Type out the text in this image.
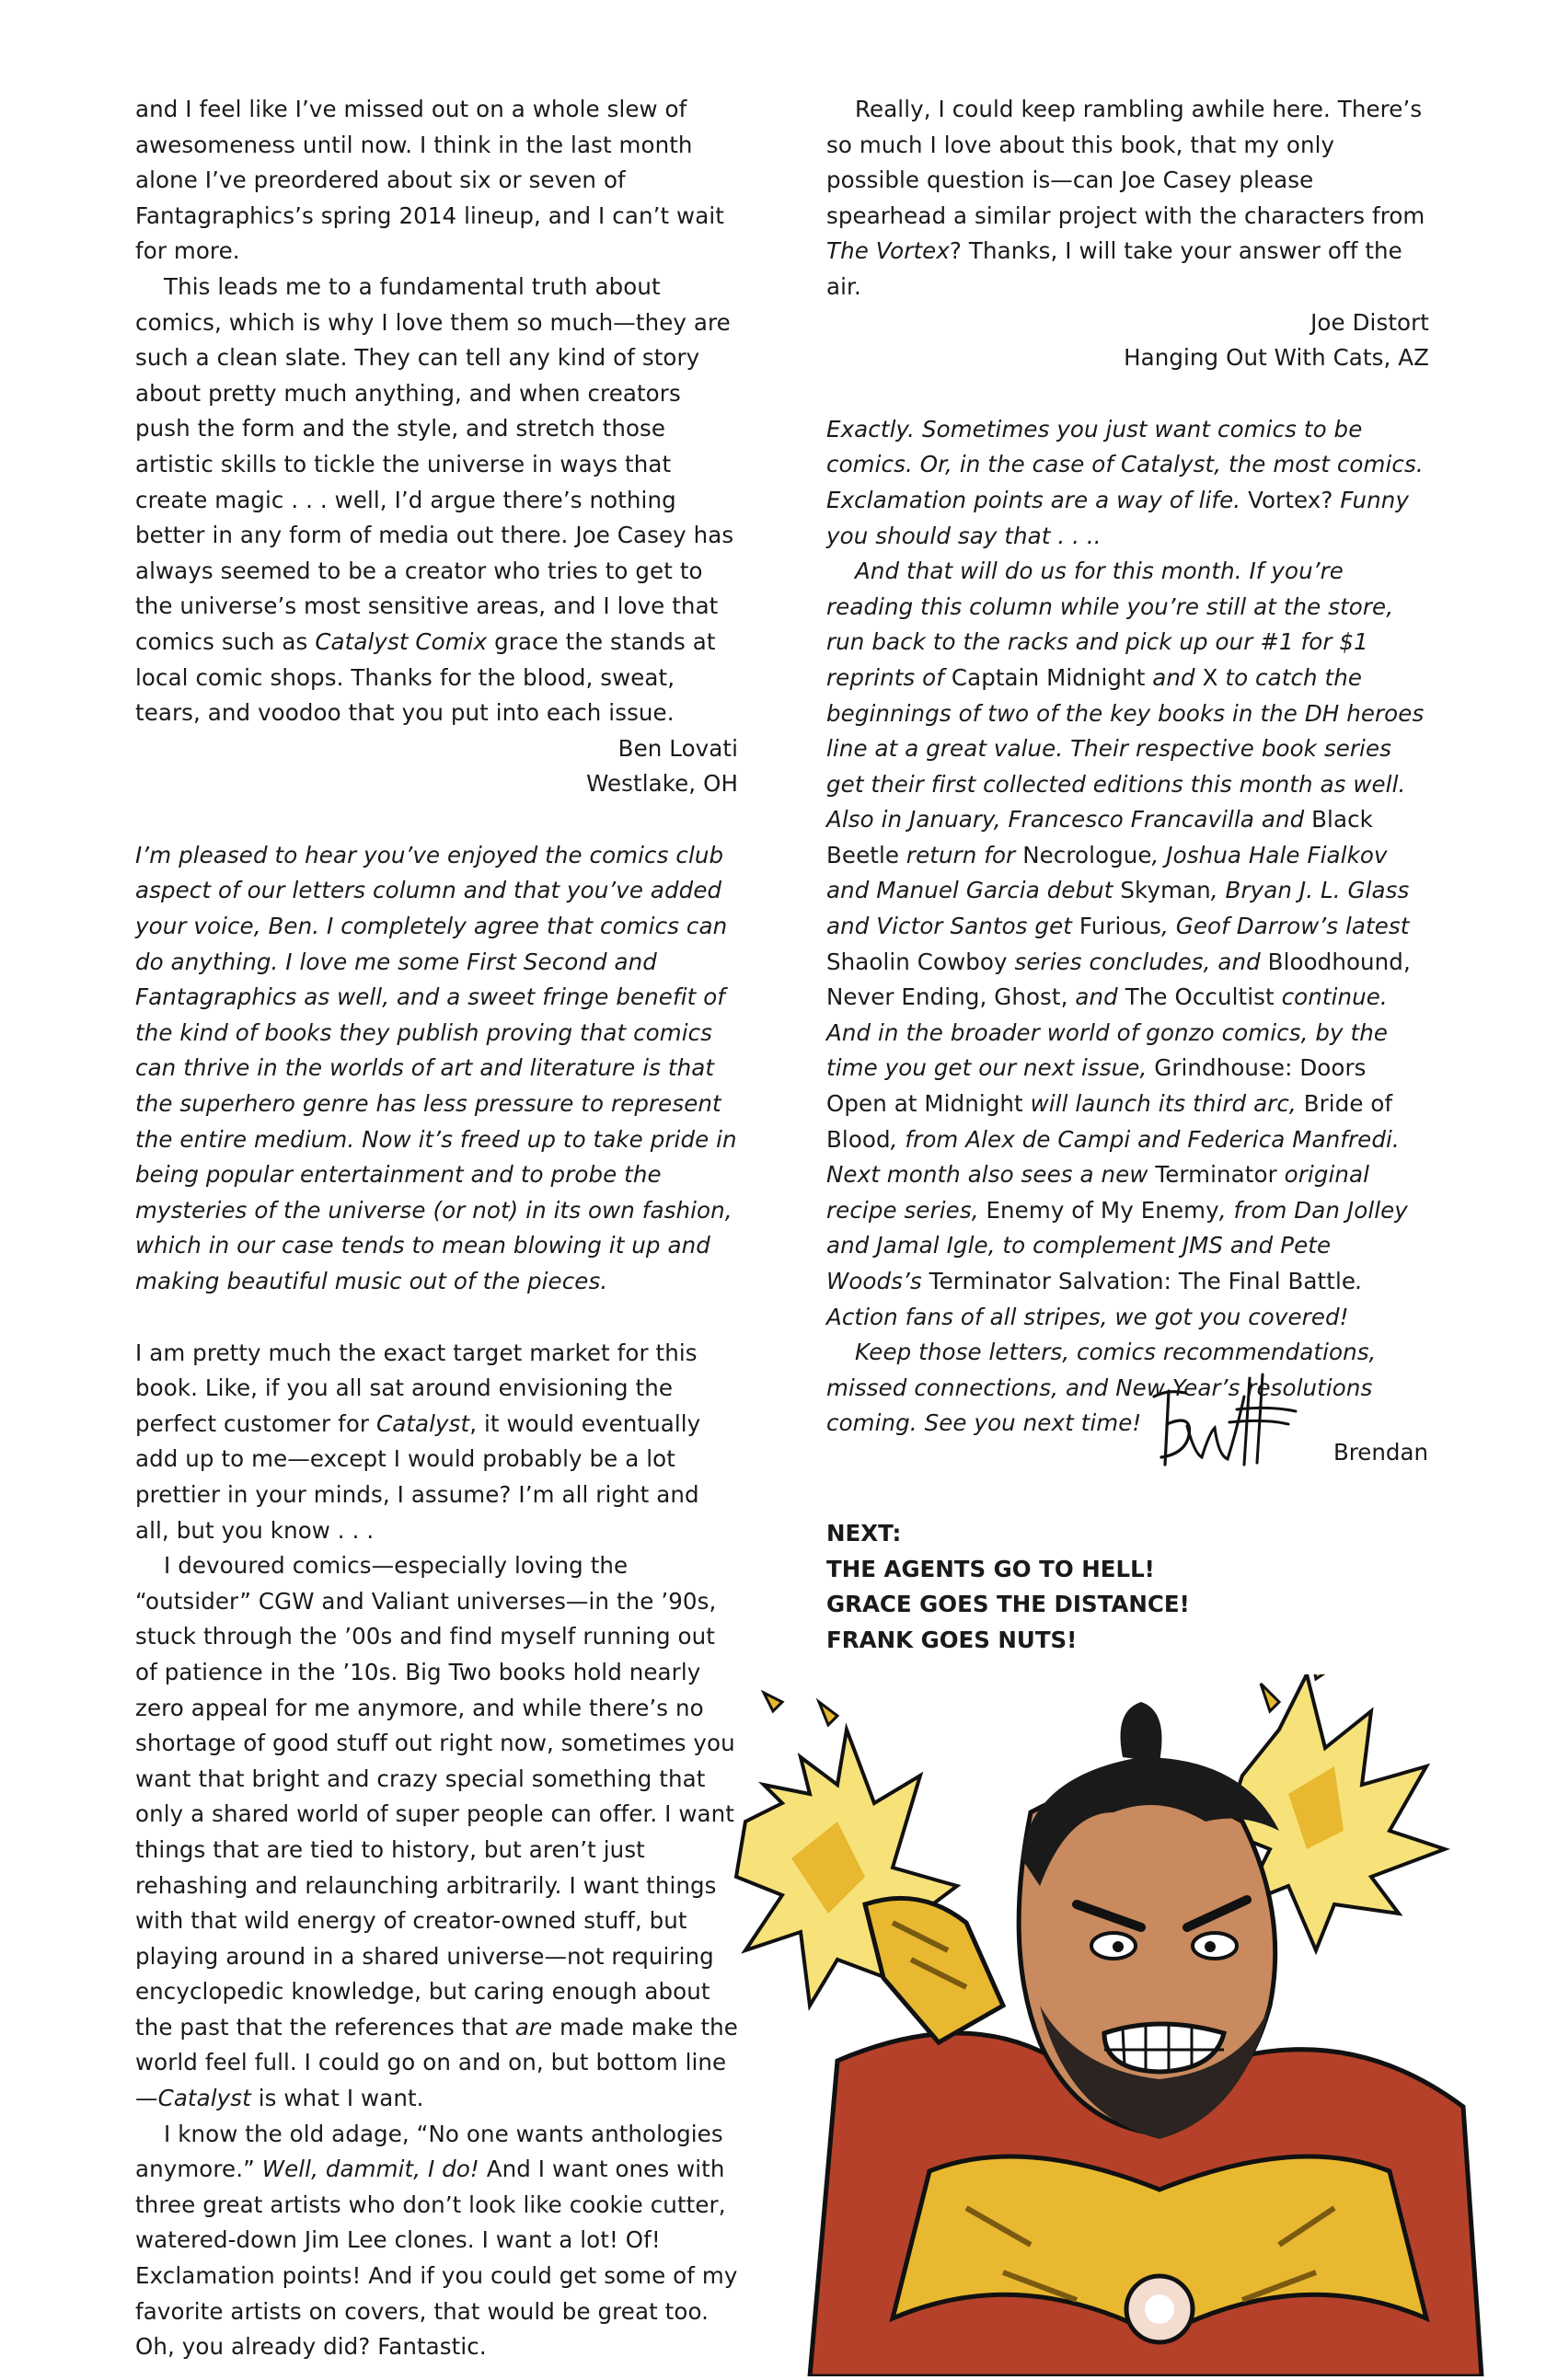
and I feel like I’ve missed out on a whole slew of awesomeness until now. I think in the last month alone I’ve preordered about six or seven of Fantagraphics’s spring 2014 lineup, and I can’t wait for more.

This leads me to a fundamental truth about comics, which is why I love them so much—they are such a clean slate. They can tell any kind of story about pretty much anything, and when creators push the form and the style, and stretch those artistic skills to tickle the universe in ways that create magic . . . well, I’d argue there’s nothing better in any form of media out there. Joe Casey has always seemed to be a creator who tries to get to the universe’s most sensitive areas, and I love that comics such as Catalyst Comix grace the stands at local comic shops. Thanks for the blood, sweat, tears, and voodoo that you put into each issue.

Ben Lovati

Westlake, OH

I’m pleased to hear you’ve enjoyed the comics club aspect of our letters column and that you’ve added your voice, Ben. I completely agree that comics can do anything. I love me some First Second and Fantagraphics as well, and a sweet fringe benefit of the kind of books they publish proving that comics can thrive in the worlds of art and literature is that the superhero genre has less pressure to represent the entire medium. Now it’s freed up to take pride in being popular entertainment and to probe the mysteries of the universe (or not) in its own fashion, which in our case tends to mean blowing it up and making beautiful music out of the pieces.

I am pretty much the exact target market for this book. Like, if you all sat around envisioning the perfect customer for Catalyst, it would eventually add up to me—except I would probably be a lot prettier in your minds, I assume? I’m all right and all, but you know . . .

I devoured comics—especially loving the “outsider” CGW and Valiant universes—in the ’90s, stuck through the ’00s and find myself running out of patience in the ’10s. Big Two books hold nearly zero appeal for me anymore, and while there’s no shortage of good stuff out right now, sometimes you want that bright and crazy special something that only a shared world of super people can offer. I want things that are tied to history, but aren’t just rehashing and relaunching arbitrarily. I want things with that wild energy of creator-owned stuff, but playing around in a shared universe—not requiring encyclopedic knowledge, but caring enough about the past that the references that are made make the world feel full. I could go on and on, but bottom line—Catalyst is what I want.

I know the old adage, “No one wants anthologies anymore.” Well, dammit, I do! And I want ones with three great artists who don’t look like cookie cutter, watered-down Jim Lee clones. I want a lot! Of! Exclamation points! And if you could get some of my favorite artists on covers, that would be great too. Oh, you already did? Fantastic.

Really, I could keep rambling awhile here. There’s so much I love about this book, that my only possible question is—can Joe Casey please spearhead a similar project with the characters from The Vortex? Thanks, I will take your answer off the air.

Joe Distort

Hanging Out With Cats, AZ

Exactly. Sometimes you just want comics to be comics. Or, in the case of Catalyst, the most comics. Exclamation points are a way of life. Vortex? Funny you should say that . . ..

And that will do us for this month. If you’re reading this column while you’re still at the store, run back to the racks and pick up our #1 for $1 reprints of Captain Midnight and X to catch the beginnings of two of the key books in the DH heroes line at a great value. Their respective book series get their first collected editions this month as well. Also in January, Francesco Francavilla and Black Beetle return for Necrologue, Joshua Hale Fialkov and Manuel Garcia debut Skyman, Bryan J. L. Glass and Victor Santos get Furious, Geof Darrow’s latest Shaolin Cowboy series concludes, and Bloodhound, Never Ending, Ghost, and The Occultist continue. And in the broader world of gonzo comics, by the time you get our next issue, Grindhouse: Doors Open at Midnight will launch its third arc, Bride of Blood, from Alex de Campi and Federica Manfredi. Next month also sees a new Terminator original recipe series, Enemy of My Enemy, from Dan Jolley and Jamal Igle, to complement JMS and Pete Woods’s Terminator Salvation: The Final Battle. Action fans of all stripes, we got you covered!

Keep those letters, comics recommendations, missed connections, and New Year’s resolutions coming. See you next time!

Brendan
NEXT:
THE AGENTS GO TO HELL!
GRACE GOES THE DISTANCE!
FRANK GOES NUTS!
